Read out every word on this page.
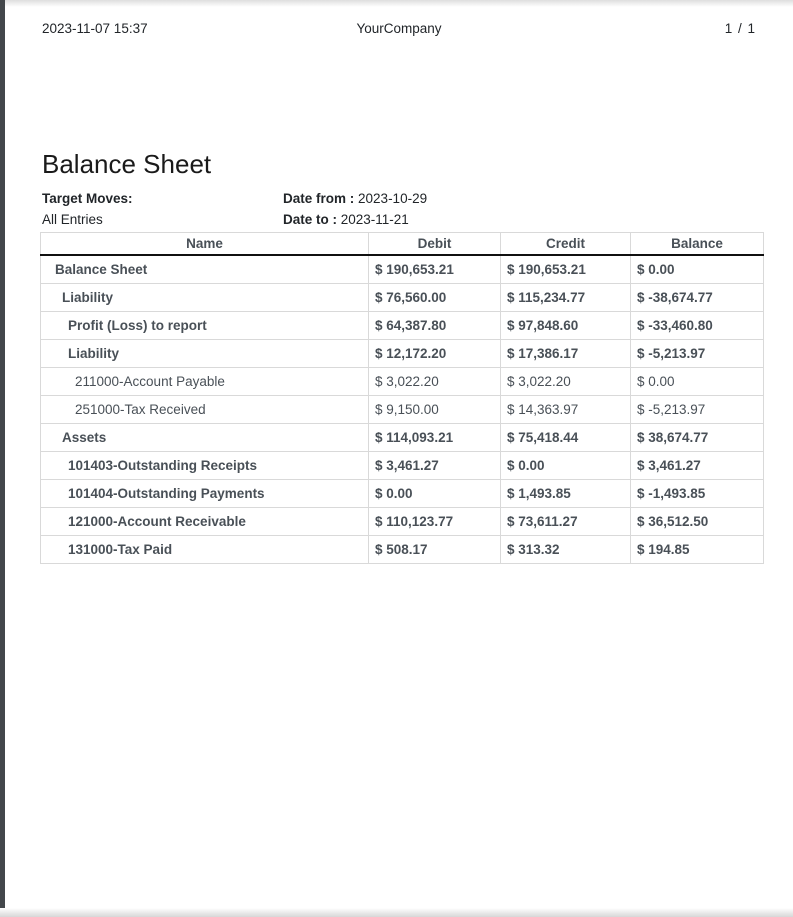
2023-11-07 15:37	YourCompany	1 / 1
Balance Sheet
Target Moves:	Date from : 2023-10-29
All Entries	Date to : 2023-11-21
Name	Debit	Credit	Balance
Balance Sheet	$ 190,653.21	$ 190,653.21	$ 0.00
Liability	$ 76,560.00	$ 115,234.77	$ -38,674.77
Profit (Loss) to report	$ 64,387.80	$ 97,848.60	$ -33,460.80
Liability	$ 12,172.20	$ 17,386.17	$ -5,213.97
211000-Account Payable	$ 3,022.20	$ 3,022.20	$ 0.00
251000-Tax Received	$ 9,150.00	$ 14,363.97	$ -5,213.97
Assets	$ 114,093.21	$ 75,418.44	$ 38,674.77
101403-Outstanding Receipts	$ 3,461.27	$ 0.00	$ 3,461.27
101404-Outstanding Payments	$ 0.00	$ 1,493.85	$ -1,493.85
121000-Account Receivable	$ 110,123.77	$ 73,611.27	$ 36,512.50
131000-Tax Paid	$ 508.17	$ 313.32	$ 194.85
